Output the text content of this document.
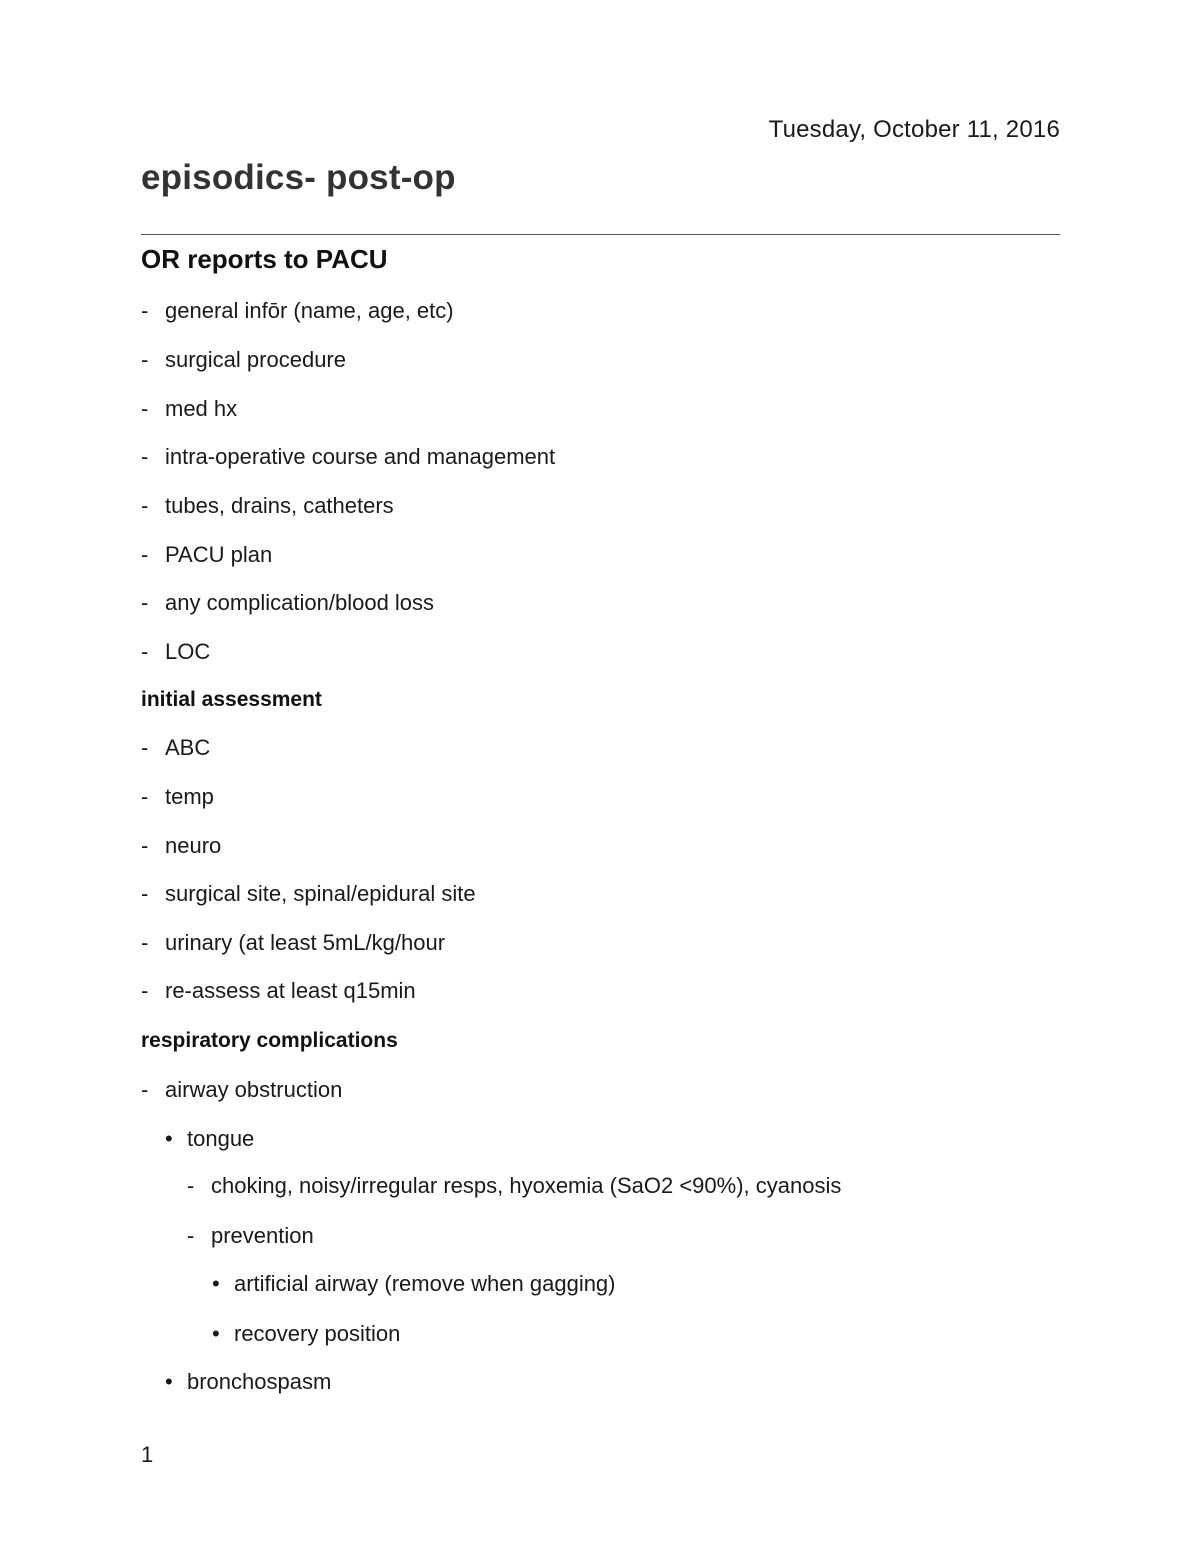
Tuesday, October 11, 2016
episodics- post-op
OR reports to PACU
- general infōr (name, age, etc)
- surgical procedure
- med hx
- intra-operative course and management
- tubes, drains, catheters
- PACU plan
- any complication/blood loss
- LOC
initial assessment
- ABC
- temp
- neuro
- surgical site, spinal/epidural site
- urinary (at least 5mL/kg/hour
- re-assess at least q15min
respiratory complications
- airway obstruction
• tongue
- choking, noisy/irregular resps, hyoxemia (SaO2 <90%), cyanosis
- prevention
• artificial airway (remove when gagging)
• recovery position
• bronchospasm
1
